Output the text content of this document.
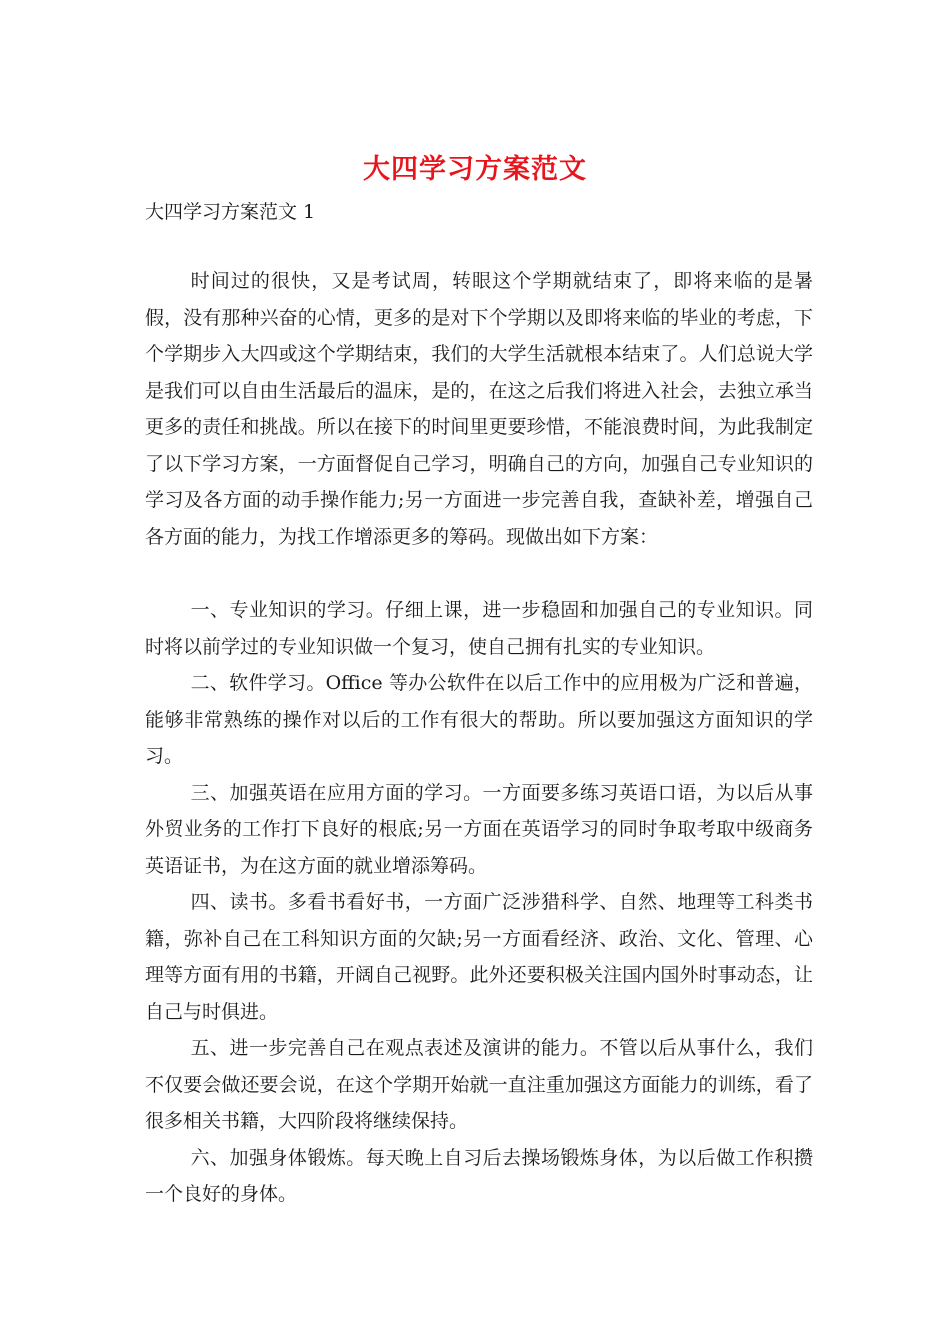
大四学习方案范文
大四学习方案范文 1

时间过的很快，又是考试周，转眼这个学期就结束了，即将来临的是暑假，没有那种兴奋的心情，更多的是对下个学期以及即将来临的毕业的考虑，下个学期步入大四或这个学期结束，我们的大学生活就根本结束了。人们总说大学是我们可以自由生活最后的温床，是的，在这之后我们将进入社会，去独立承当更多的责任和挑战。所以在接下的时间里更要珍惜，不能浪费时间，为此我制定了以下学习方案，一方面督促自己学习，明确自己的方向，加强自己专业知识的学习及各方面的动手操作能力;另一方面进一步完善自我，查缺补差，增强自己各方面的能力，为找工作增添更多的筹码。现做出如下方案：

一、专业知识的学习。仔细上课，进一步稳固和加强自己的专业知识。同时将以前学过的专业知识做一个复习，使自己拥有扎实的专业知识。

二、软件学习。Office 等办公软件在以后工作中的应用极为广泛和普遍，能够非常熟练的操作对以后的工作有很大的帮助。所以要加强这方面知识的学习。

三、加强英语在应用方面的学习。一方面要多练习英语口语，为以后从事外贸业务的工作打下良好的根底;另一方面在英语学习的同时争取考取中级商务英语证书，为在这方面的就业增添筹码。

四、读书。多看书看好书，一方面广泛涉猎科学、自然、地理等工科类书籍，弥补自己在工科知识方面的欠缺;另一方面看经济、政治、文化、管理、心理等方面有用的书籍，开阔自己视野。此外还要积极关注国内国外时事动态，让自己与时俱进。

五、进一步完善自己在观点表述及演讲的能力。不管以后从事什么，我们不仅要会做还要会说，在这个学期开始就一直注重加强这方面能力的训练，看了很多相关书籍，大四阶段将继续保持。

六、加强身体锻炼。每天晚上自习后去操场锻炼身体，为以后做工作积攒一个良好的身体。
